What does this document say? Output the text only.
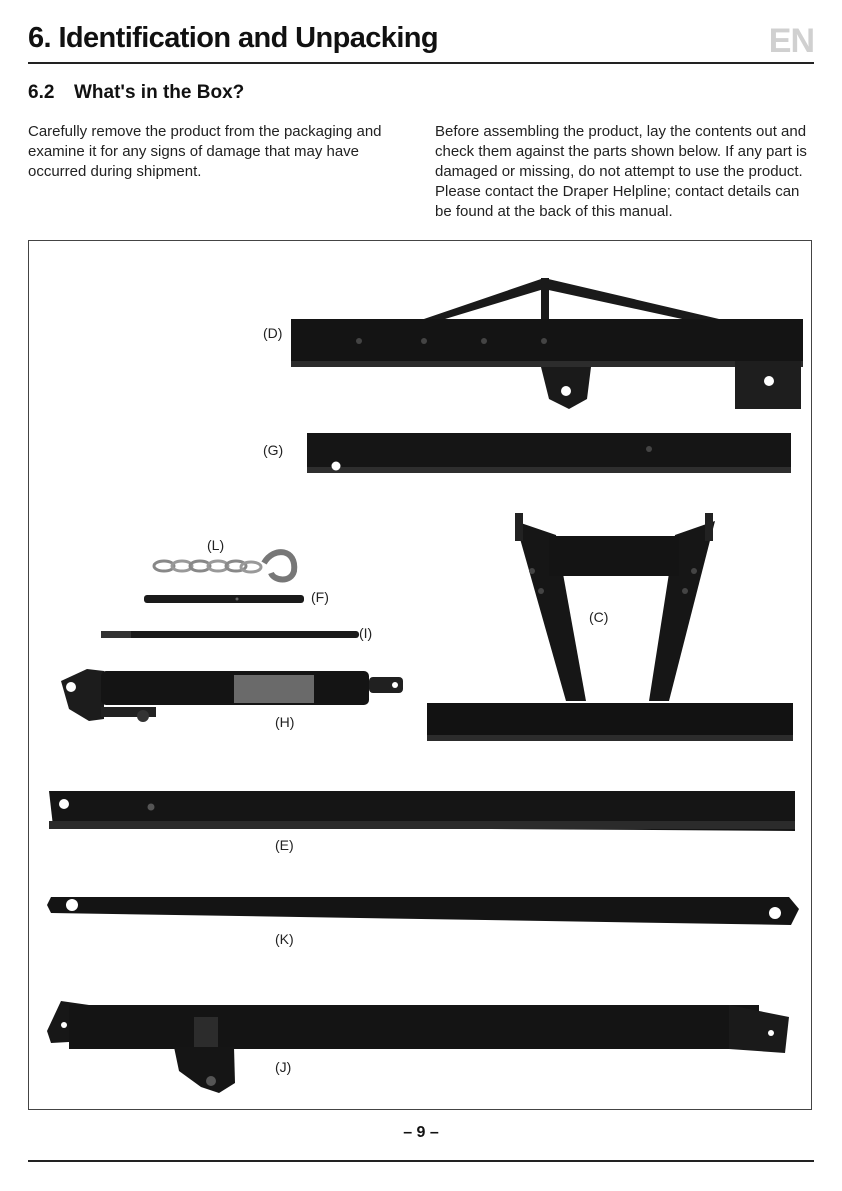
6. Identification and Unpacking	EN
6.2 What's in the Box?
Carefully remove the product from the packaging and examine it for any signs of damage that may have occurred during shipment.
Before assembling the product, lay the contents out and check them against the parts shown below. If any part is damaged or missing, do not attempt to use the product. Please contact the Draper Helpline; contact details can be found at the back of this manual.
(D)
(G)
(L)
(F)
(I)
(H)
(C)
(E)
(K)
(J)
– 9 –
